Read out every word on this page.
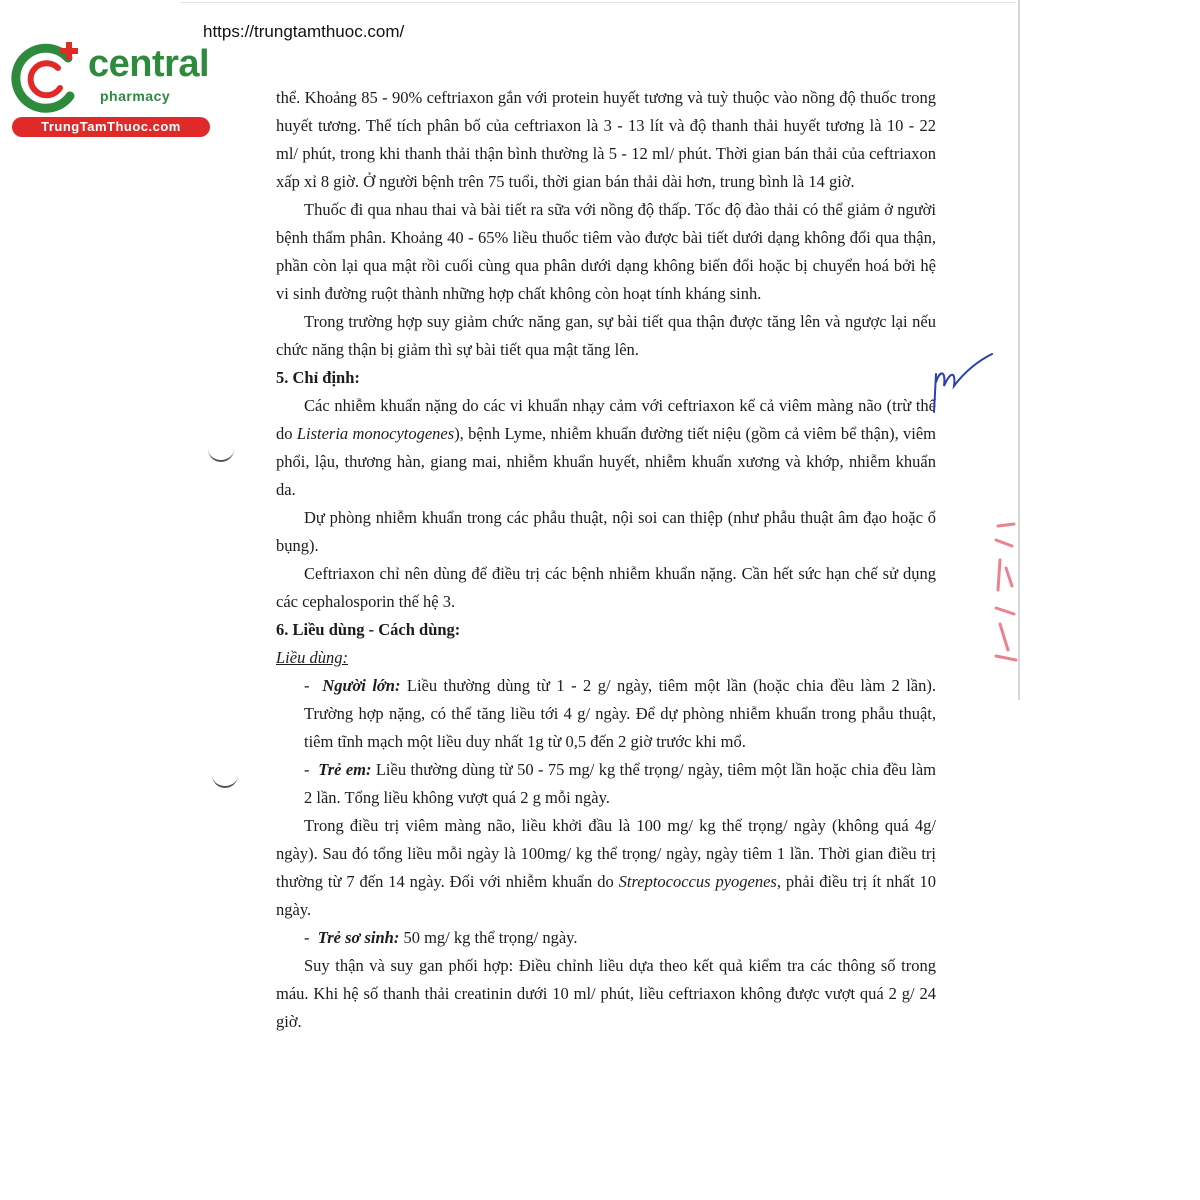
https://trungtamthuoc.com/
central
pharmacy
TrungTamThuoc.com

thể. Khoảng 85 - 90% ceftriaxon gắn với protein huyết tương và tuỳ thuộc vào nồng độ thuốc trong huyết tương. Thể tích phân bố của ceftriaxon là 3 - 13 lít và độ thanh thải huyết tương là 10 - 22 ml/ phút, trong khi thanh thải thận bình thường là 5 - 12 ml/ phút. Thời gian bán thải của ceftriaxon xấp xỉ 8 giờ. Ở người bệnh trên 75 tuổi, thời gian bán thải dài hơn, trung bình là 14 giờ.

Thuốc đi qua nhau thai và bài tiết ra sữa với nồng độ thấp. Tốc độ đào thải có thể giảm ở người bệnh thẩm phân. Khoảng 40 - 65% liều thuốc tiêm vào được bài tiết dưới dạng không đổi qua thận, phần còn lại qua mật rồi cuối cùng qua phân dưới dạng không biến đổi hoặc bị chuyển hoá bởi hệ vi sinh đường ruột thành những hợp chất không còn hoạt tính kháng sinh.

Trong trường hợp suy giảm chức năng gan, sự bài tiết qua thận được tăng lên và ngược lại nếu chức năng thận bị giảm thì sự bài tiết qua mật tăng lên.

5. Chỉ định:

Các nhiễm khuẩn nặng do các vi khuẩn nhạy cảm với ceftriaxon kể cả viêm màng não (trừ thể do Listeria monocytogenes), bệnh Lyme, nhiễm khuẩn đường tiết niệu (gồm cả viêm bể thận), viêm phổi, lậu, thương hàn, giang mai, nhiễm khuẩn huyết, nhiễm khuẩn xương và khớp, nhiễm khuẩn da.

Dự phòng nhiễm khuẩn trong các phẫu thuật, nội soi can thiệp (như phẫu thuật âm đạo hoặc ổ bụng).

Ceftriaxon chỉ nên dùng để điều trị các bệnh nhiễm khuẩn nặng. Cần hết sức hạn chế sử dụng các cephalosporin thế hệ 3.

6. Liều dùng - Cách dùng:

Liều dùng:

-  Người lớn: Liều thường dùng từ 1 - 2 g/ ngày, tiêm một lần (hoặc chia đều làm 2 lần). Trường hợp nặng, có thể tăng liều tới 4 g/ ngày. Để dự phòng nhiễm khuẩn trong phẫu thuật, tiêm tĩnh mạch một liều duy nhất 1g từ 0,5 đến 2 giờ trước khi mổ.

-  Trẻ em: Liều thường dùng từ 50 - 75 mg/ kg thể trọng/ ngày, tiêm một lần hoặc chia đều làm 2 lần. Tổng liều không vượt quá 2 g mỗi ngày.

Trong điều trị viêm màng não, liều khởi đầu là 100 mg/ kg thể trọng/ ngày (không quá 4g/ ngày). Sau đó tổng liều mỗi ngày là 100mg/ kg thể trọng/ ngày, ngày tiêm 1 lần. Thời gian điều trị thường từ 7 đến 14 ngày. Đối với nhiễm khuẩn do Streptococcus pyogenes, phải điều trị ít nhất 10 ngày.

-  Trẻ sơ sinh: 50 mg/ kg thể trọng/ ngày.

Suy thận và suy gan phối hợp: Điều chỉnh liều dựa theo kết quả kiểm tra các thông số trong máu. Khi hệ số thanh thải creatinin dưới 10 ml/ phút, liều ceftriaxon không được vượt quá 2 g/ 24 giờ.
